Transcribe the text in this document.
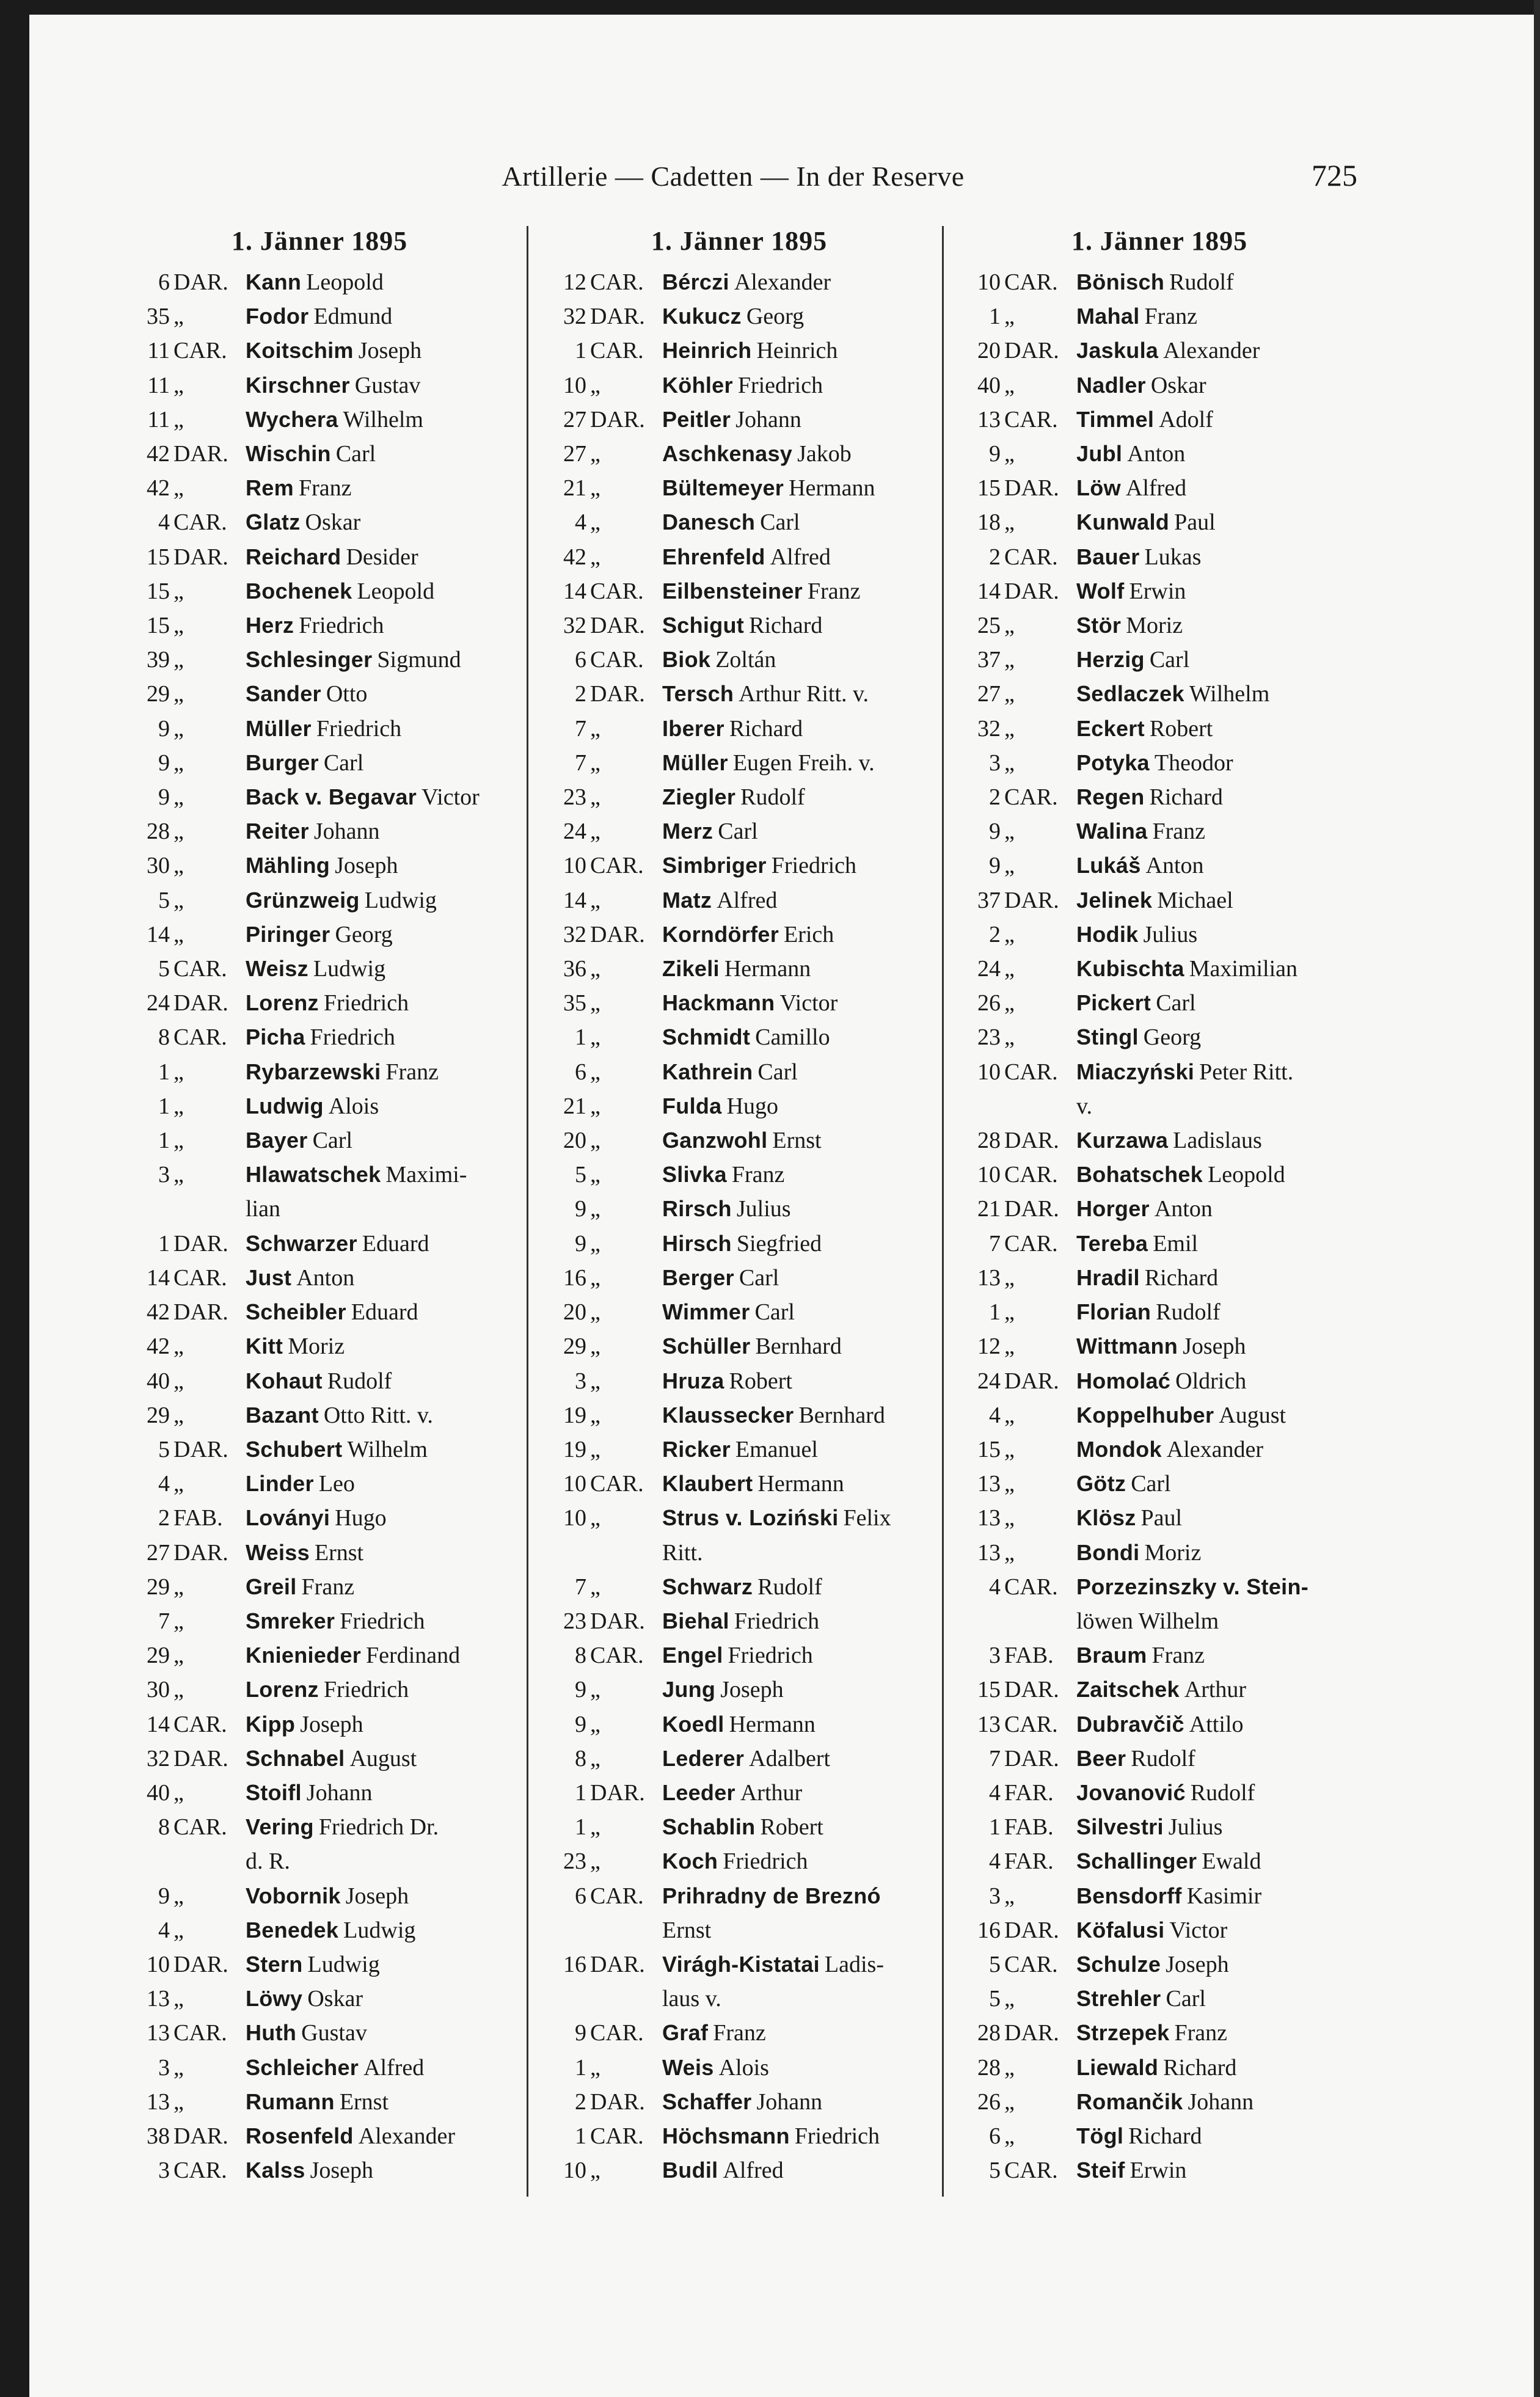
Artillerie — Cadetten — In der Reserve	725
1. Jänner 1895
6 DAR. Kann Leopold
35 „	Fodor Edmund
11 CAR. Koitschim Joseph
11 „	Kirschner Gustav
11 „	Wychera Wilhelm
42 DAR. Wischin Carl
42 „	Rem Franz
4 CAR. Glatz Oskar
15 DAR. Reichard Desider
15 „	Bochenek Leopold
15 „	Herz Friedrich
39 „	Schlesinger Sigmund
29 „	Sander Otto
9 „	Müller Friedrich
9 „	Burger Carl
9 „	Back v. Begavar Victor
28 „	Reiter Johann
30 „	Mähling Joseph
5 „	Grünzweig Ludwig
14 „	Piringer Georg
5 CAR. Weisz Ludwig
24 DAR. Lorenz Friedrich
8 CAR. Picha Friedrich
1 „	Rybarzewski Franz
1 „	Ludwig Alois
1 „	Bayer Carl
3 „	Hlawatschek Maximi-
lian
1 DAR. Schwarzer Eduard
14 CAR. Just Anton
42 DAR. Scheibler Eduard
42 „	Kitt Moriz
40 „	Kohaut Rudolf
29 „	Bazant Otto Ritt. v.
5 DAR. Schubert Wilhelm
4 „	Linder Leo
2 FAB.	Loványi Hugo
27 DAR. Weiss Ernst
29 „	Greil Franz
7 „	Smreker Friedrich
29 „	Knienieder Ferdinand
30 „	Lorenz Friedrich
14 CAR. Kipp Joseph
32 DAR. Schnabel August
40 „	Stoifl Johann
8 CAR. Vering Friedrich Dr.
d. R.
9 „	Vobornik Joseph
4 „	Benedek Ludwig
10 DAR. Stern Ludwig
13 „	Löwy Oskar
13 CAR. Huth Gustav
3 „	Schleicher Alfred
13 „	Rumann Ernst
38 DAR. Rosenfeld Alexander
3 CAR. Kalss Joseph
1. Jänner 1895
12 CAR. Bérczi Alexander
32 DAR. Kukucz Georg
1 CAR. Heinrich Heinrich
10 „	Köhler Friedrich
27 DAR. Peitler Johann
27 „	Aschkenasy Jakob
21 „	Bültemeyer Hermann
4 „	Danesch Carl
42 „	Ehrenfeld Alfred
14 CAR. Eilbensteiner Franz
32 DAR. Schigut Richard
6 CAR. Biok Zoltán
2 DAR. Tersch Arthur Ritt. v.
7 „	Iberer Richard
7 „	Müller Eugen Freih. v.
23 „	Ziegler Rudolf
24 „	Merz Carl
10 CAR. Simbriger Friedrich
14 „	Matz Alfred
32 DAR. Korndörfer Erich
36 „	Zikeli Hermann
35 „	Hackmann Victor
1 „	Schmidt Camillo
6 „	Kathrein Carl
21 „	Fulda Hugo
20 „	Ganzwohl Ernst
5 „	Slivka Franz
9 „	Rirsch Julius
9 „	Hirsch Siegfried
16 „	Berger Carl
20 „	Wimmer Carl
29 „	Schüller Bernhard
3 „	Hruza Robert
19 „	Klaussecker Bernhard
19 „	Ricker Emanuel
10 CAR. Klaubert Hermann
10 „	Strus v. Loziński Felix
Ritt.
7 „	Schwarz Rudolf
23 DAR. Biehal Friedrich
8 CAR. Engel Friedrich
9 „	Jung Joseph
9 „	Koedl Hermann
8 „	Lederer Adalbert
1 DAR. Leeder Arthur
1 „	Schablin Robert
23 „	Koch Friedrich
6 CAR. Prihradny de Breznó
Ernst
16 DAR. Virágh-Kistatai Ladis-
laus v.
9 CAR. Graf Franz
1 „	Weis Alois
2 DAR. Schaffer Johann
1 CAR. Höchsmann Friedrich
10 „	Budil Alfred
1. Jänner 1895
10 CAR. Bönisch Rudolf
1 „	Mahal Franz
20 DAR. Jaskula Alexander
40 „	Nadler Oskar
13 CAR. Timmel Adolf
9 „	Jubl Anton
15 DAR. Löw Alfred
18 „	Kunwald Paul
2 CAR. Bauer Lukas
14 DAR. Wolf Erwin
25 „	Stör Moriz
37 „	Herzig Carl
27 „	Sedlaczek Wilhelm
32 „	Eckert Robert
3 „	Potyka Theodor
2 CAR. Regen Richard
9 „	Walina Franz
9 „	Lukáš Anton
37 DAR. Jelinek Michael
2 „	Hodik Julius
24 „	Kubischta Maximilian
26 „	Pickert Carl
23 „	Stingl Georg
10 CAR. Miaczyński Peter Ritt.
v.
28 DAR. Kurzawa Ladislaus
10 CAR. Bohatschek Leopold
21 DAR. Horger Anton
7 CAR. Tereba Emil
13 „	Hradil Richard
1 „	Florian Rudolf
12 „	Wittmann Joseph
24 DAR. Homolać Oldrich
4 „	Koppelhuber August
15 „	Mondok Alexander
13 „	Götz Carl
13 „	Klösz Paul
13 „	Bondi Moriz
4 CAR. Porzezinszky v. Stein-
löwen Wilhelm
3 FAB.	Braum Franz
15 DAR. Zaitschek Arthur
13 CAR. Dubravčič Attilo
7 DAR. Beer Rudolf
4 FAR.	Jovanović Rudolf
1 FAB.	Silvestri Julius
4 FAR.	Schallinger Ewald
3 „	Bensdorff Kasimir
16 DAR. Köfalusi Victor
5 CAR. Schulze Joseph
5 „	Strehler Carl
28 DAR. Strzepek Franz
28 „	Liewald Richard
26 „	Romančik Johann
6 „	Tögl Richard
5 CAR. Steif Erwin
